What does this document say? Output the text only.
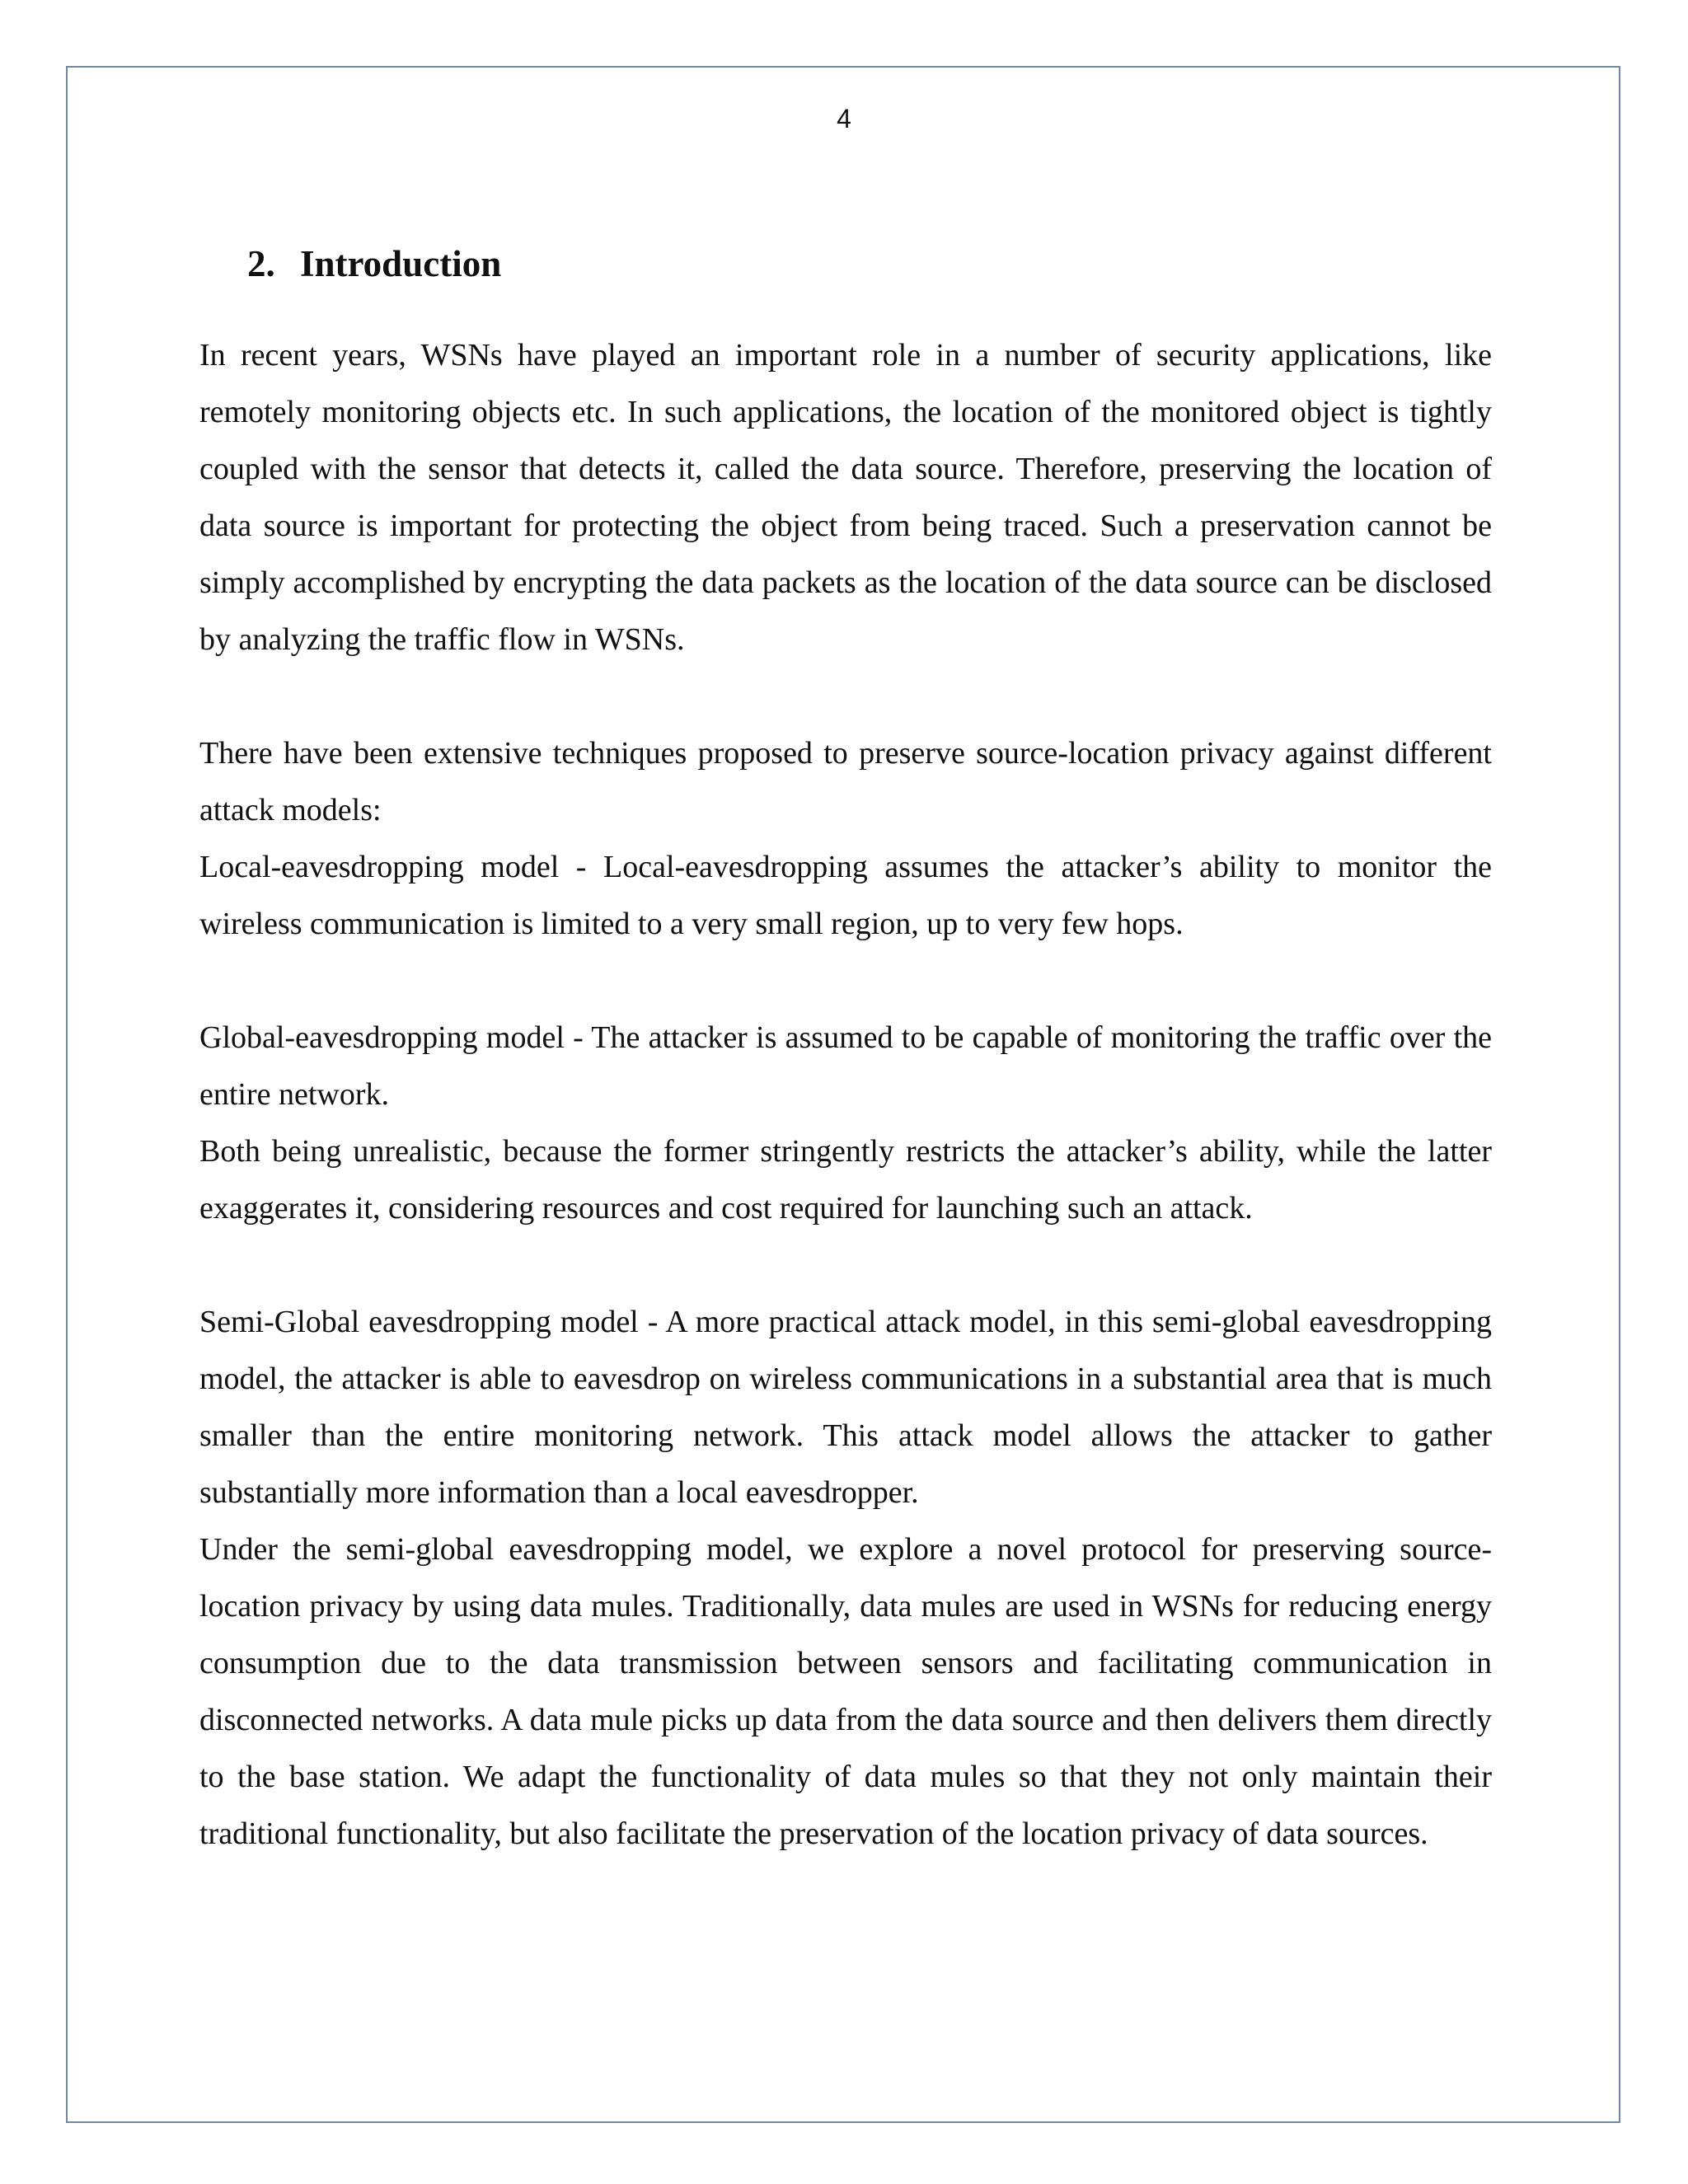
4
2. Introduction

In recent years, WSNs have played an important role in a number of security applications, like remotely monitoring objects etc. In such applications, the location of the monitored object is tightly coupled with the sensor that detects it, called the data source. Therefore, preserving the location of data source is important for protecting the object from being traced. Such a preservation cannot be simply accomplished by encrypting the data packets as the location of the data source can be disclosed by analyzing the traffic flow in WSNs.

There have been extensive techniques proposed to preserve source-location privacy against different attack models:

Local-eavesdropping model - Local-eavesdropping assumes the attacker’s ability to monitor the wireless communication is limited to a very small region, up to very few hops.

Global-eavesdropping model - The attacker is assumed to be capable of monitoring the traffic over the entire network.

Both being unrealistic, because the former stringently restricts the attacker’s ability, while the latter exaggerates it, considering resources and cost required for launching such an attack.

Semi-Global eavesdropping model - A more practical attack model, in this semi-global eavesdropping model, the attacker is able to eavesdrop on wireless communications in a substantial area that is much smaller than the entire monitoring network. This attack model allows the attacker to gather substantially more information than a local eavesdropper.

Under the semi-global eavesdropping model, we explore a novel protocol for preserving source-location privacy by using data mules. Traditionally, data mules are used in WSNs for reducing energy consumption due to the data transmission between sensors and facilitating communication in disconnected networks. A data mule picks up data from the data source and then delivers them directly to the base station. We adapt the functionality of data mules so that they not only maintain their traditional functionality, but also facilitate the preservation of the location privacy of data sources.
